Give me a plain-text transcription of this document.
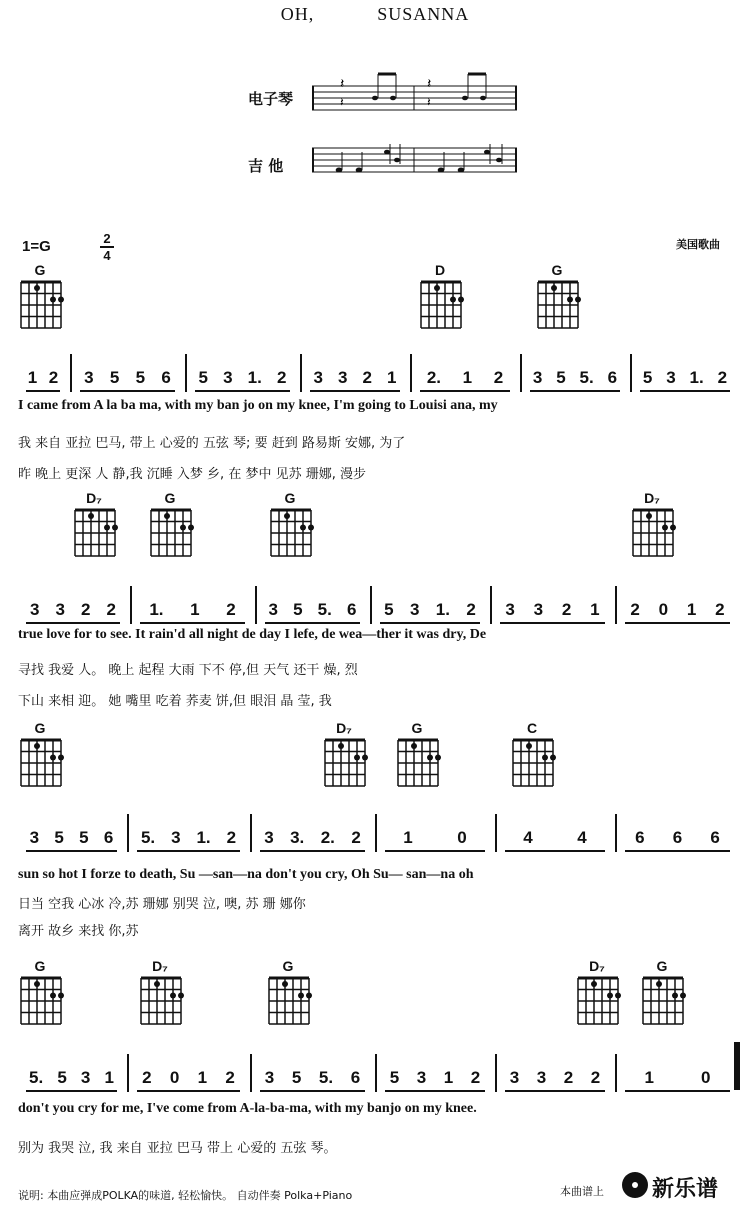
OH,	SUSANNA
电子琴
吉 他
𝄽	𝄽
𝄽	𝄽
1=G	2
4
美国歌曲
G	D	G
1 2 3 5 5 6 5 3 1. 2 3 3 2 1 2. 1 2 3 5 5. 6 5 3 1. 2
I came from A la ba ma, with my ban jo on my knee, I'm going to Louisi ana, my
我 来自 亚拉 巴马, 带上 心爱的 五弦 琴; 要 赶到 路易斯 安娜, 为了
昨 晚上 更深 人 静,我 沉睡 入梦 乡, 在 梦中 见苏 珊娜, 漫步
D₇	G	G	D₇
3 3 2 2 1. 1 2 3 5 5. 6 5 3 1. 2 3 3 2 1 2 0 1 2
true love for to see. It rain'd all night de day I lefe, de wea—ther it was dry, De
寻找 我爱 人。 晚上 起程 大雨 下不 停,但 天气 还干 燥, 烈
下山 来相 迎。 她 嘴里 吃着 荞麦 饼,但 眼泪 晶 莹, 我
G	D₇	G	C
3 5 5 6 5. 3 1. 2 3 3. 2. 2 1	0	4	4	6 6 6
sun so hot I forze to death, Su —san—na don't you cry, Oh Su— san—na oh
日当 空我 心冰 冷,苏 珊娜 别哭 泣, 噢, 苏 珊 娜你
离开 故乡 来找 你,苏
G	D₇	G	D₇	G
5. 5 3 1 2 0 1 2 3 5 5. 6 5 3 1 2 3 3 2 2	1	0
don't you cry for me, I've come from A-la-ba-ma, with my banjo on my knee.
别为 我哭 泣, 我 来自 亚拉 巴马 带上 心爱的 五弦 琴。
说明: 本曲应弹成POLKA的味道, 轻松愉快。 自动伴奏 Polka+Piano	本曲谱上 新乐谱
